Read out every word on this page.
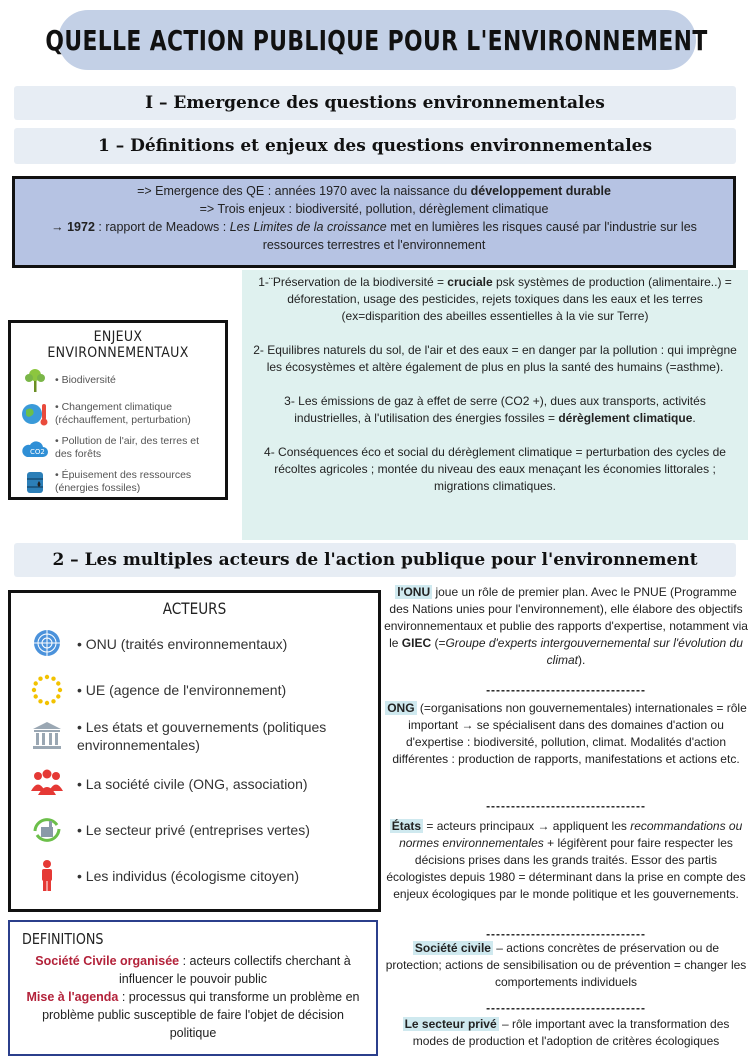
QUELLE ACTION PUBLIQUE POUR L'ENVIRONNEMENT
I – Emergence des questions environnementales
1 – Définitions et enjeux des questions environnementales

=> Emergence des QE : années 1970 avec la naissance du développement durable

=> Trois enjeux : biodiversité, pollution, dérèglement climatique

→ 1972 : rapport de Meadows : Les Limites de la croissance met en lumières les risques causé par l'industrie sur les ressources terrestres et l'environnement

1-¨Préservation de la biodiversité = cruciale psk systèmes de production (alimentaire..) = déforestation, usage des pesticides, rejets toxiques dans les eaux et les terres (ex=disparition des abeilles essentielles à la vie sur Terre)

2- Equilibres naturels du sol, de l'air et des eaux = en danger par la pollution : qui imprègne les écosystèmes et altère également de plus en plus la santé des humains (=asthme).

3- Les émissions de gaz à effet de serre (CO2 +), dues aux transports, activités industrielles, à l'utilisation des énergies fossiles = dérèglement climatique.

4- Conséquences éco et social du dérèglement climatique = perturbation des cycles de récoltes agricoles ; montée du niveau des eaux menaçant les économies littorales ; migrations climatiques.

ENJEUX ENVIRONNEMENTAUX
• Biodiversité
• Changement climatique (réchauffement, perturbation)
CO2
• Pollution de l'air, des terres et des forêts
• Épuisement des ressources (énergies fossiles)
2 – Les multiples acteurs de l'action publique pour l'environnement
ACTEURS
• ONU (traités environnementaux)
• UE (agence de l'environnement)
• Les états et gouvernements (politiques environnementales)
• La société civile (ONG, association)
• Le secteur privé (entreprises vertes)
• Les individus (écologisme citoyen)
DEFINITIONS
Société Civile organisée : acteurs collectifs cherchant à influencer le pouvoir public
Mise à l'agenda : processus qui transforme un problème en problème public susceptible de faire l'objet de décision politique
l'ONU joue un rôle de premier plan. Avec le PNUE (Programme des Nations unies pour l'environnement), elle élabore des objectifs environnementaux et publie des rapports d'expertise, notamment via le GIEC (=Groupe d'experts intergouvernemental sur l'évolution du climat).
--------------------------------
ONG (=organisations non gouvernementales) internationales = rôle important → se spécialisent dans des domaines d'action ou d'expertise : biodiversité, pollution, climat. Modalités d'action différentes : production de rapports, manifestations et actions etc.
--------------------------------
États = acteurs principaux → appliquent les recommandations ou normes environnementales + légifèrent pour faire respecter les décisions prises dans les grands traités. Essor des partis écologistes depuis 1980 = déterminant dans la prise en compte des enjeux écologiques par le monde politique et les gouvernements.
--------------------------------
Société civile – actions concrètes de préservation ou de protection; actions de sensibilisation ou de prévention = changer les comportements individuels
--------------------------------
Le secteur privé – rôle important avec la transformation des modes de production et l'adoption de critères écologiques
